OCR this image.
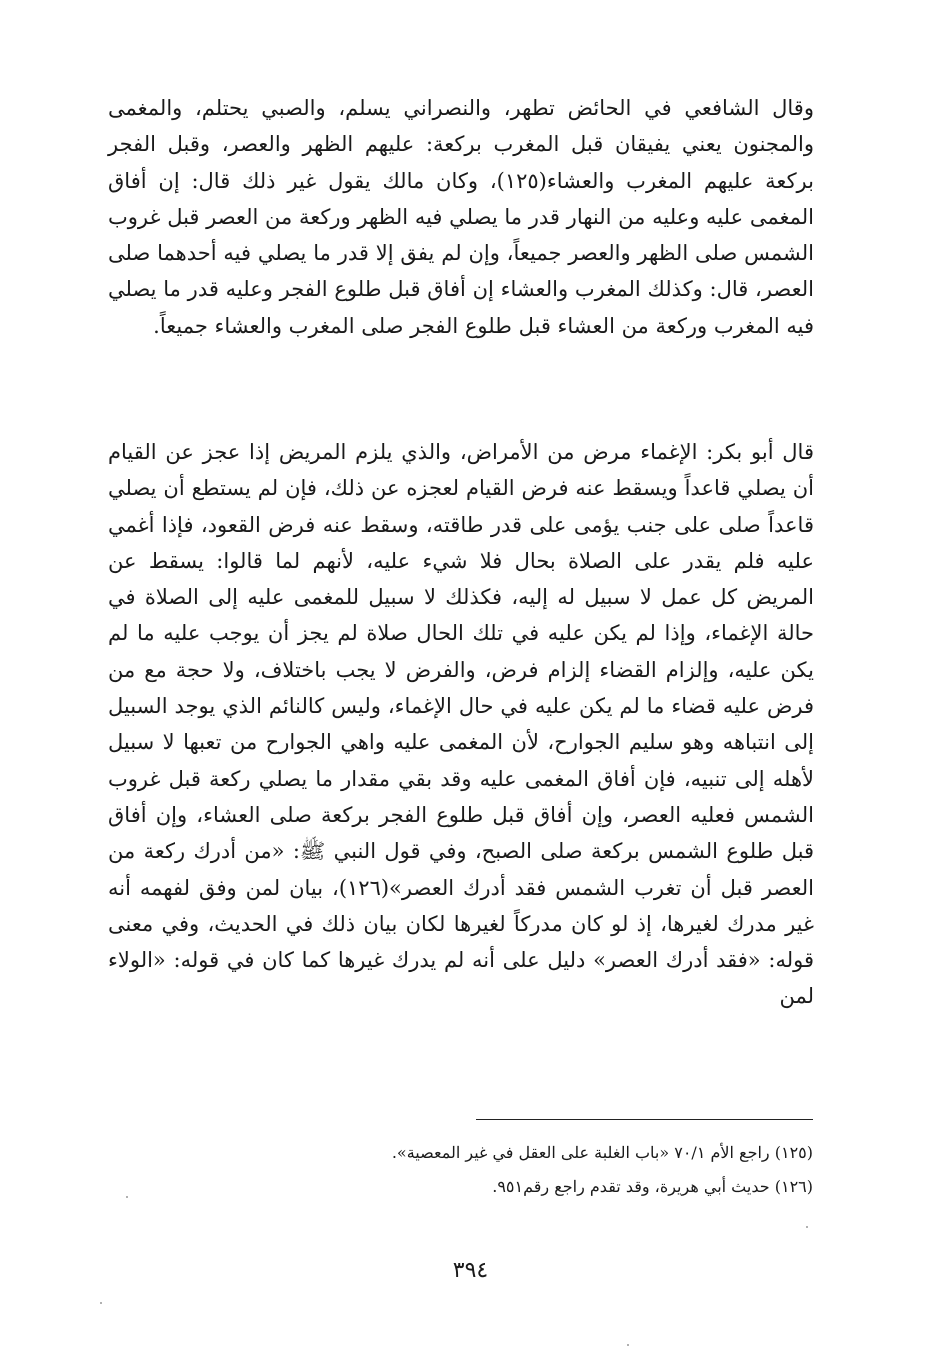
وقال الشافعي في الحائض تطهر، والنصراني يسلم، والصبي يحتلم، والمغمى والمجنون يعني يفيقان قبل المغرب بركعة: عليهم الظهر والعصر، وقبل الفجر بركعة عليهم المغرب والعشاء(١٢٥)، وكان مالك يقول غير ذلك قال: إن أفاق المغمى عليه وعليه من النهار قدر ما يصلي فيه الظهر وركعة من العصر قبل غروب الشمس صلى الظهر والعصر جميعاً، وإن لم يفق إلا قدر ما يصلي فيه أحدهما صلى العصر، قال: وكذلك المغرب والعشاء إن أفاق قبل طلوع الفجر وعليه قدر ما يصلي فيه المغرب وركعة من العشاء قبل طلوع الفجر صلى المغرب والعشاء جميعاً.

قال أبو بكر: الإغماء مرض من الأمراض، والذي يلزم المريض إذا عجز عن القيام أن يصلي قاعداً ويسقط عنه فرض القيام لعجزه عن ذلك، فإن لم يستطع أن يصلي قاعداً صلى على جنب يؤمى على قدر طاقته، وسقط عنه فرض القعود، فإذا أغمي عليه فلم يقدر على الصلاة بحال فلا شيء عليه، لأنهم لما قالوا: يسقط عن المريض كل عمل لا سبيل له إليه، فكذلك لا سبيل للمغمى عليه إلى الصلاة في حالة الإغماء، وإذا لم يكن عليه في تلك الحال صلاة لم يجز أن يوجب عليه ما لم يكن عليه، وإلزام القضاء إلزام فرض، والفرض لا يجب باختلاف، ولا حجة مع من فرض عليه قضاء ما لم يكن عليه في حال الإغماء، وليس كالنائم الذي يوجد السبيل إلى انتباهه وهو سليم الجوارح، لأن المغمى عليه واهي الجوارح من تعبها لا سبيل لأهله إلى تنبيه، فإن أفاق المغمى عليه وقد بقي مقدار ما يصلي ركعة قبل غروب الشمس فعليه العصر، وإن أفاق قبل طلوع الفجر بركعة صلى العشاء، وإن أفاق قبل طلوع الشمس بركعة صلى الصبح، وفي قول النبي ﷺ: «من أدرك ركعة من العصر قبل أن تغرب الشمس فقد أدرك العصر»(١٢٦)، بيان لمن وفق لفهمه أنه غير مدرك لغيرها، إذ لو كان مدركاً لغيرها لكان بيان ذلك في الحديث، وفي معنى قوله: «فقد أدرك العصر» دليل على أنه لم يدرك غيرها كما كان في قوله: «الولاء لمن

(١٢٥) راجع الأم ٧٠/١ «باب الغلبة على العقل في غير المعصية».

(١٢٦) حديث أبي هريرة، وقد تقدم راجع رقم٩٥١.

٣٩٤
